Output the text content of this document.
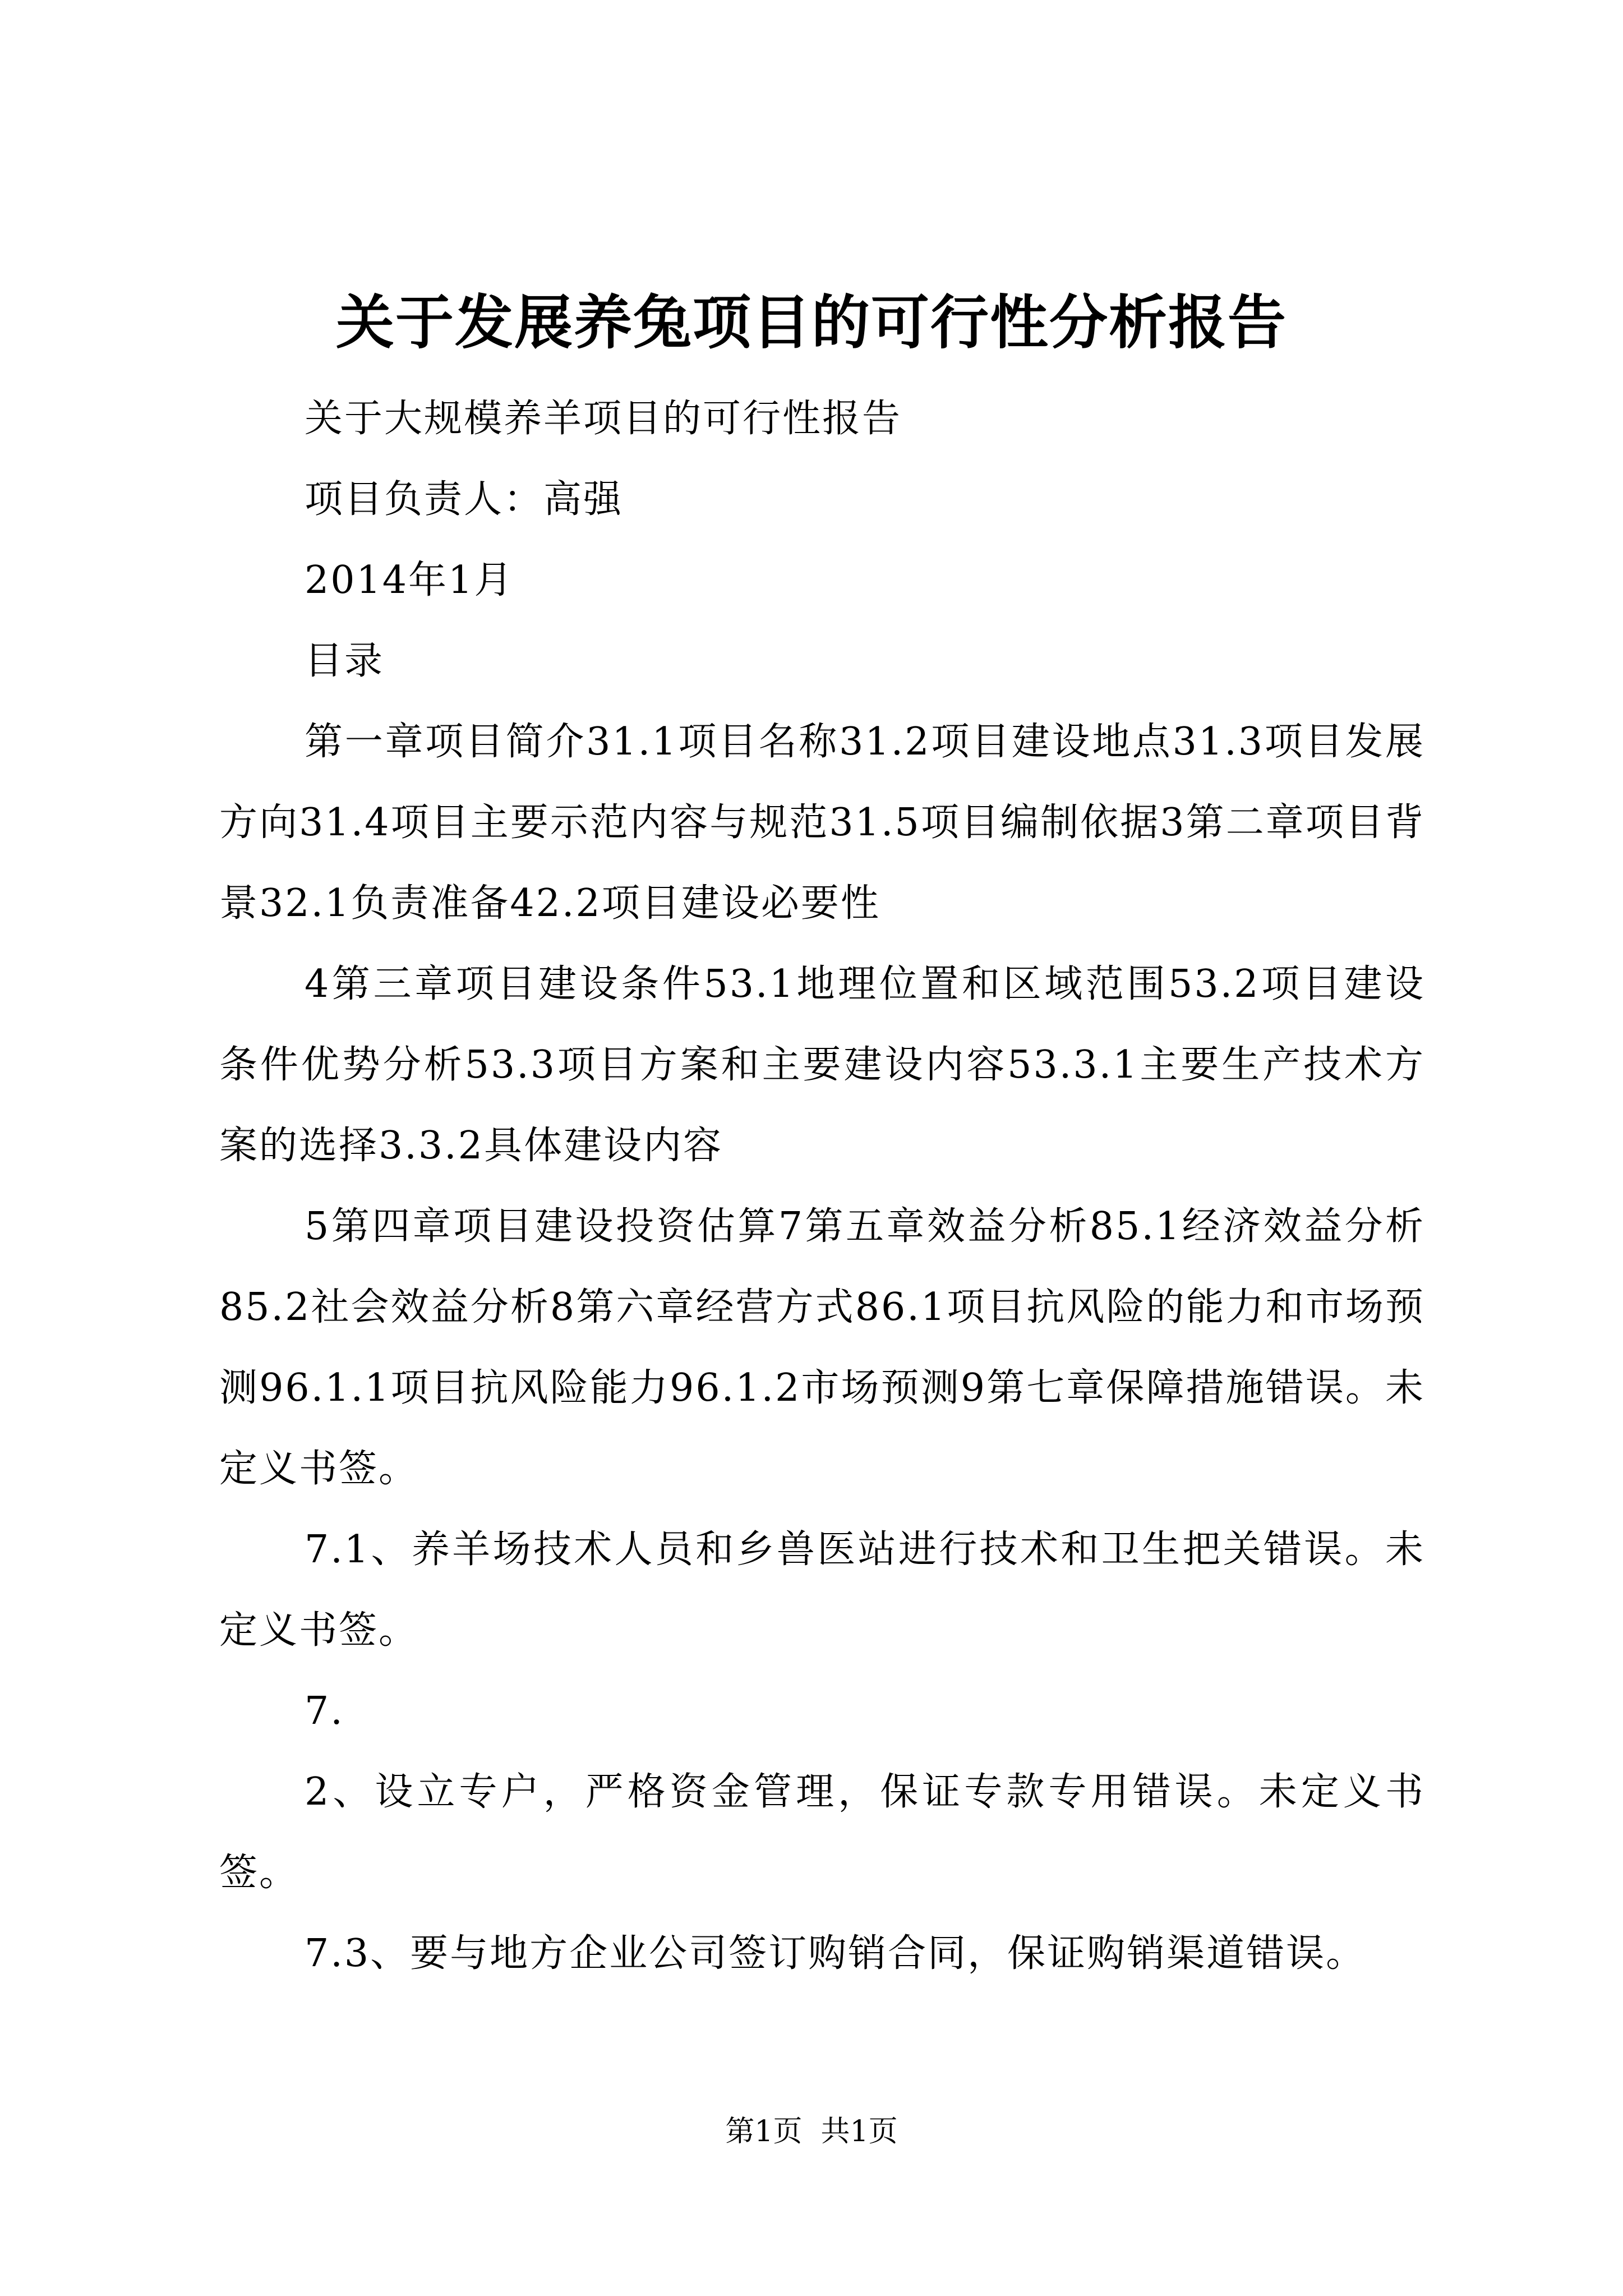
关于发展养兔项目的可行性分析报告

关于大规模养羊项目的可行性报告

项目负责人：高强

2014年1月

目录

第一章项目简介31.1项目名称31.2项目建设地点31.3项目发展方向31.4项目主要示范内容与规范31.5项目编制依据3第二章项目背景32.1负责准备42.2项目建设必要性

4第三章项目建设条件53.1地理位置和区域范围53.2项目建设条件优势分析53.3项目方案和主要建设内容53.3.1主要生产技术方案的选择3.3.2具体建设内容

5第四章项目建设投资估算7第五章效益分析85.1经济效益分析85.2社会效益分析8第六章经营方式86.1项目抗风险的能力和市场预测96.1.1项目抗风险能力96.1.2市场预测9第七章保障措施错误。未定义书签。

7.1、养羊场技术人员和乡兽医站进行技术和卫生把关错误。未定义书签。

7.

2、设立专户，严格资金管理，保证专款专用错误。未定义书签。

7.3、要与地方企业公司签订购销合同，保证购销渠道错误。

第1页 共1页
